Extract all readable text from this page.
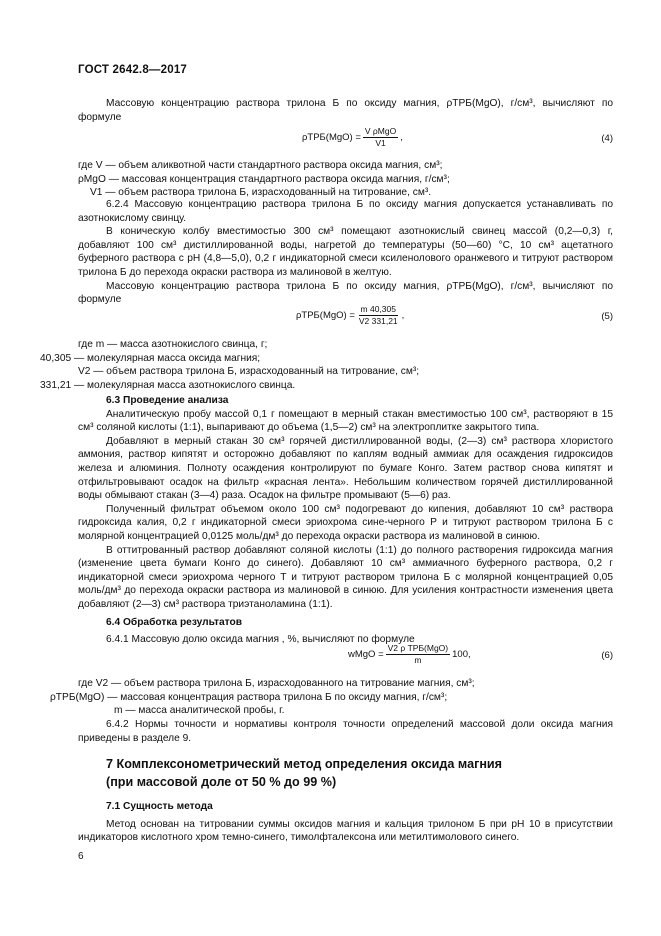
ГОСТ 2642.8—2017

Массовую концентрацию раствора трилона Б по оксиду магния, ρТРБ(MgO), г/см³, вычисляют по формуле

$\rho ТРБ(MgO) = \frac{\text{V ρMgO}}{V1}$ ,	(4)

где V — объем аликвотной части стандартного раствора оксида магния, см³;

ρMgO — массовая концентрация стандартного раствора оксида магния, г/см³;

V1 — объем раствора трилона Б, израсходованный на титрование, см³.

6.2.4 Массовую концентрацию раствора трилона Б по оксиду магния допускается устанавливать по азотнокислому свинцу.

В коническую колбу вместимостью 300 см³ помещают азотнокислый свинец массой (0,2—0,3) г, добавляют 100 см³ дистиллированной воды, нагретой до температуры (50—60) °С, 10 см³ ацетатного буферного раствора с pH (4,8—5,0), 0,2 г индикаторной смеси ксиленолового оранжевого и титруют раствором трилона Б до перехода окраски раствора из малиновой в желтую.

Массовую концентрацию раствора трилона Б по оксиду магния, ρТРБ(MgO), г/см³, вычисляют по формуле

$\rho ТРБ(MgO) = \frac{m 40,305}{V2 331,21}$ ,	(5)

где m — масса азотнокислого свинца, г;

40,305 — молекулярная масса оксида магния;

V2 — объем раствора трилона Б, израсходованный на титрование, см³;

331,21 — молекулярная масса азотнокислого свинца.

6.3 Проведение анализа

Аналитическую пробу массой 0,1 г помещают в мерный стакан вместимостью 100 см³, растворяют в 15 см³ соляной кислоты (1:1), выпаривают до объема (1,5—2) см³ на электроплитке закрытого типа.

Добавляют в мерный стакан 30 см³ горячей дистиллированной воды, (2—3) см³ раствора хлористого аммония, раствор кипятят и осторожно добавляют по каплям водный аммиак для осаждения гидроксидов железа и алюминия. Полноту осаждения контролируют по бумаге Конго. Затем раствор снова кипятят и отфильтровывают осадок на фильтр «красная лента». Небольшим количеством горячей дистиллированной воды обмывают стакан (3—4) раза. Осадок на фильтре промывают (5—6) раз.

Полученный фильтрат объемом около 100 см³ подогревают до кипения, добавляют 10 см³ раствора гидроксида калия, 0,2 г индикаторной смеси эриохрома сине-черного Р и титруют раствором трилона Б с молярной концентрацией 0,0125 моль/дм³ до перехода окраски раствора из малиновой в синюю.

В оттитрованный раствор добавляют соляной кислоты (1:1) до полного растворения гидроксида магния (изменение цвета бумаги Конго до синего). Добавляют 10 см³ аммиачного буферного раствора, 0,2 г индикаторной смеси эриохрома черного Т и титруют раствором трилона Б с молярной концентрацией 0,05 моль/дм³ до перехода окраски раствора из малиновой в синюю. Для усиления контрастности изменения цвета добавляют (2—3) см³ раствора триэтаноламина (1:1).

6.4 Обработка результатов

6.4.1 Массовую долю оксида магния , %, вычисляют по формуле

wMgO = $\frac{\text{V2 ρ ТРБ(MgO)}}{m} 100$,	(6)

где V2 — объем раствора трилона Б, израсходованного на титрование магния, см³;

ρТРБ(MgO) — массовая концентрация раствора трилона Б по оксиду магния, г/см³;

m — масса аналитической пробы, г.

6.4.2 Нормы точности и нормативы контроля точности определений массовой доли оксида магния приведены в разделе 9.

7 Комплексонометрический метод определения оксида магния
(при массовой доле от 50 % до 99 %)

7.1 Сущность метода

Метод основан на титровании суммы оксидов магния и кальция трилоном Б при pH 10 в присутствии индикаторов кислотного хром темно-синего, тимолфталексона или метилтимолового синего.

6
